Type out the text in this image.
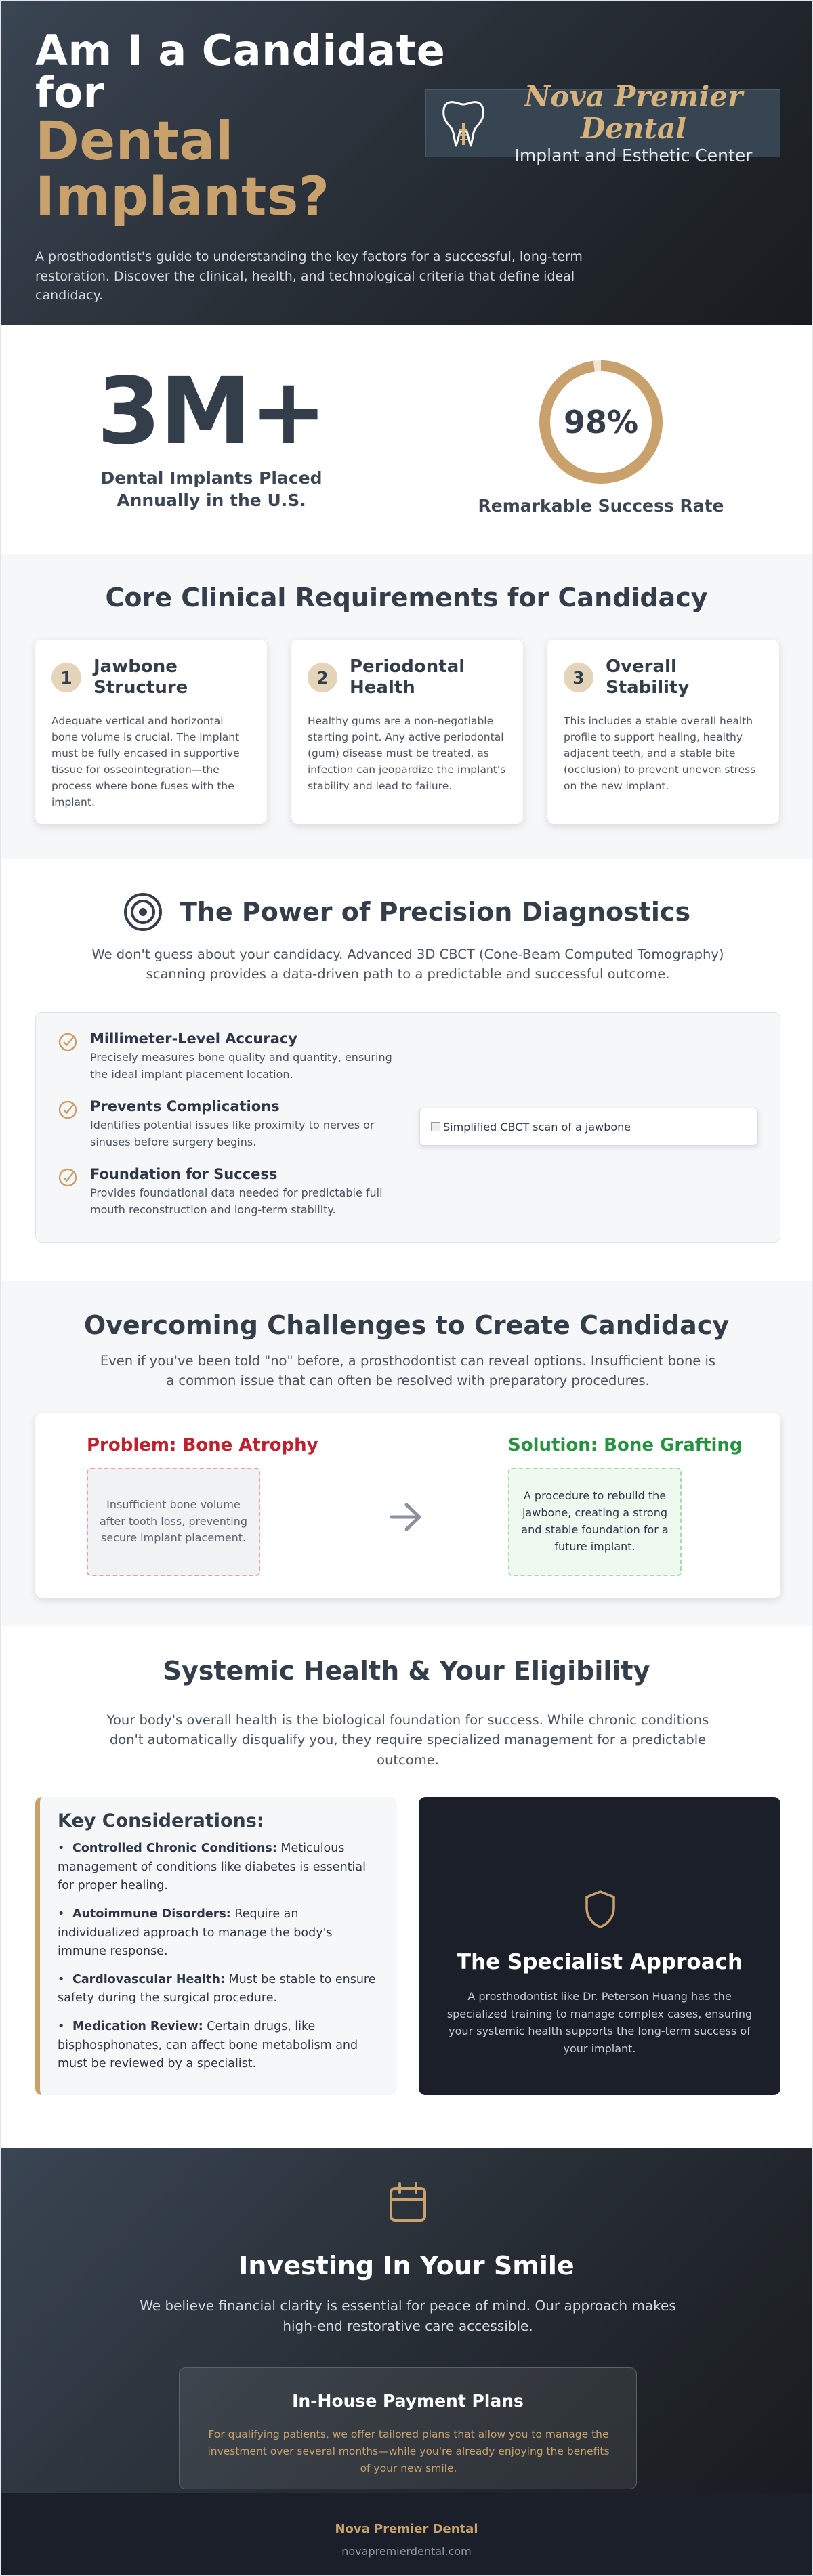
Am I a Candidate
for
Dental
Implants?

A prosthodontist's guide to understanding the key factors for a successful, long-term restoration. Discover the clinical, health, and technological criteria that define ideal candidacy.

Nova Premier Dental
Implant and Esthetic Center
3M+
Dental Implants Placed Annually in the U.S.
98%
Remarkable Success Rate
Core Clinical Requirements for Candidacy
1
Jawbone Structure

Adequate vertical and horizontal bone volume is crucial. The implant must be fully encased in supportive tissue for osseointegration—the process where bone fuses with the implant.

2
Periodontal Health

Healthy gums are a non-negotiable starting point. Any active periodontal (gum) disease must be treated, as infection can jeopardize the implant's stability and lead to failure.

3
Overall Stability

This includes a stable overall health profile to support healing, healthy adjacent teeth, and a stable bite (occlusion) to prevent uneven stress on the new implant.

The Power of Precision Diagnostics

We don't guess about your candidacy. Advanced 3D CBCT (Cone-Beam Computed Tomography) scanning provides a data-driven path to a predictable and successful outcome.

Millimeter-Level Accuracy
Precisely measures bone quality and quantity, ensuring the ideal implant placement location.
Prevents Complications
Identifies potential issues like proximity to nerves or sinuses before surgery begins.
Foundation for Success
Provides foundational data needed for predictable full mouth reconstruction and long-term stability.
Simplified CBCT scan of a jawbone
Overcoming Challenges to Create Candidacy

Even if you've been told "no" before, a prosthodontist can reveal options. Insufficient bone is a common issue that can often be resolved with preparatory procedures.

Problem: Bone Atrophy
Insufficient bone volume after tooth loss, preventing secure implant placement.
Solution: Bone Grafting
A procedure to rebuild the jawbone, creating a strong and stable foundation for a future implant.
Systemic Health & Your Eligibility

Your body's overall health is the biological foundation for success. While chronic conditions don't automatically disqualify you, they require specialized management for a predictable outcome.

Key Considerations:
• Controlled Chronic Conditions: Meticulous management of conditions like diabetes is essential for proper healing.
• Autoimmune Disorders: Require an individualized approach to manage the body's immune response.
• Cardiovascular Health: Must be stable to ensure safety during the surgical procedure.
• Medication Review: Certain drugs, like bisphosphonates, can affect bone metabolism and must be reviewed by a specialist.
The Specialist Approach

A prosthodontist like Dr. Peterson Huang has the specialized training to manage complex cases, ensuring your systemic health supports the long-term success of your implant.

Investing In Your Smile

We believe financial clarity is essential for peace of mind. Our approach makes high-end restorative care accessible.

In-House Payment Plans

For qualifying patients, we offer tailored plans that allow you to manage the investment over several months—while you're already enjoying the benefits of your new smile.

Nova Premier Dental
novapremierdental.com
